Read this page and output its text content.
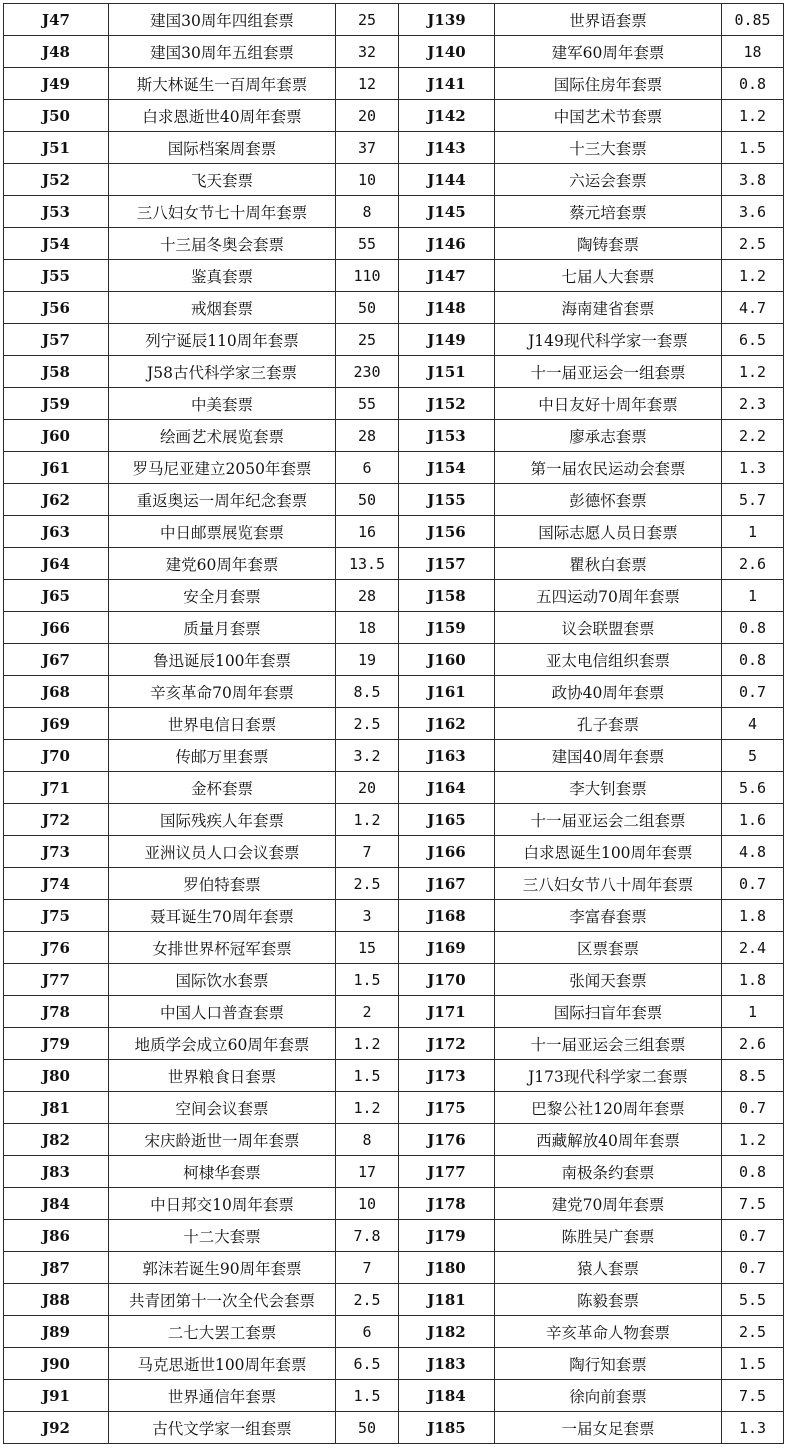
J47	建国30周年四组套票	25	J139	世界语套票	0.85
J48	建国30周年五组套票	32	J140	建军60周年套票	18
J49	斯大林诞生一百周年套票	12	J141	国际住房年套票	0.8
J50	白求恩逝世40周年套票	20	J142	中国艺术节套票	1.2
J51	国际档案周套票	37	J143	十三大套票	1.5
J52	飞天套票	10	J144	六运会套票	3.8
J53	三八妇女节七十周年套票	8	J145	蔡元培套票	3.6
J54	十三届冬奥会套票	55	J146	陶铸套票	2.5
J55	鉴真套票	110	J147	七届人大套票	1.2
J56	戒烟套票	50	J148	海南建省套票	4.7
J57	列宁诞辰110周年套票	25	J149	J149现代科学家一套票	6.5
J58	J58古代科学家三套票	230	J151	十一届亚运会一组套票	1.2
J59	中美套票	55	J152	中日友好十周年套票	2.3
J60	绘画艺术展览套票	28	J153	廖承志套票	2.2
J61	罗马尼亚建立2050年套票	6	J154	第一届农民运动会套票	1.3
J62	重返奥运一周年纪念套票	50	J155	彭德怀套票	5.7
J63	中日邮票展览套票	16	J156	国际志愿人员日套票	1
J64	建党60周年套票	13.5	J157	瞿秋白套票	2.6
J65	安全月套票	28	J158	五四运动70周年套票	1
J66	质量月套票	18	J159	议会联盟套票	0.8
J67	鲁迅诞辰100年套票	19	J160	亚太电信组织套票	0.8
J68	辛亥革命70周年套票	8.5	J161	政协40周年套票	0.7
J69	世界电信日套票	2.5	J162	孔子套票	4
J70	传邮万里套票	3.2	J163	建国40周年套票	5
J71	金杯套票	20	J164	李大钊套票	5.6
J72	国际残疾人年套票	1.2	J165	十一届亚运会二组套票	1.6
J73	亚洲议员人口会议套票	7	J166	白求恩诞生100周年套票	4.8
J74	罗伯特套票	2.5	J167	三八妇女节八十周年套票	0.7
J75	聂耳诞生70周年套票	3	J168	李富春套票	1.8
J76	女排世界杯冠军套票	15	J169	区票套票	2.4
J77	国际饮水套票	1.5	J170	张闻天套票	1.8
J78	中国人口普查套票	2	J171	国际扫盲年套票	1
J79	地质学会成立60周年套票	1.2	J172	十一届亚运会三组套票	2.6
J80	世界粮食日套票	1.5	J173	J173现代科学家二套票	8.5
J81	空间会议套票	1.2	J175	巴黎公社120周年套票	0.7
J82	宋庆龄逝世一周年套票	8	J176	西藏解放40周年套票	1.2
J83	柯棣华套票	17	J177	南极条约套票	0.8
J84	中日邦交10周年套票	10	J178	建党70周年套票	7.5
J86	十二大套票	7.8	J179	陈胜吴广套票	0.7
J87	郭沫若诞生90周年套票	7	J180	猿人套票	0.7
J88	共青团第十一次全代会套票	2.5	J181	陈毅套票	5.5
J89	二七大罢工套票	6	J182	辛亥革命人物套票	2.5
J90	马克思逝世100周年套票	6.5	J183	陶行知套票	1.5
J91	世界通信年套票	1.5	J184	徐向前套票	7.5
J92	古代文学家一组套票	50	J185	一届女足套票	1.3
